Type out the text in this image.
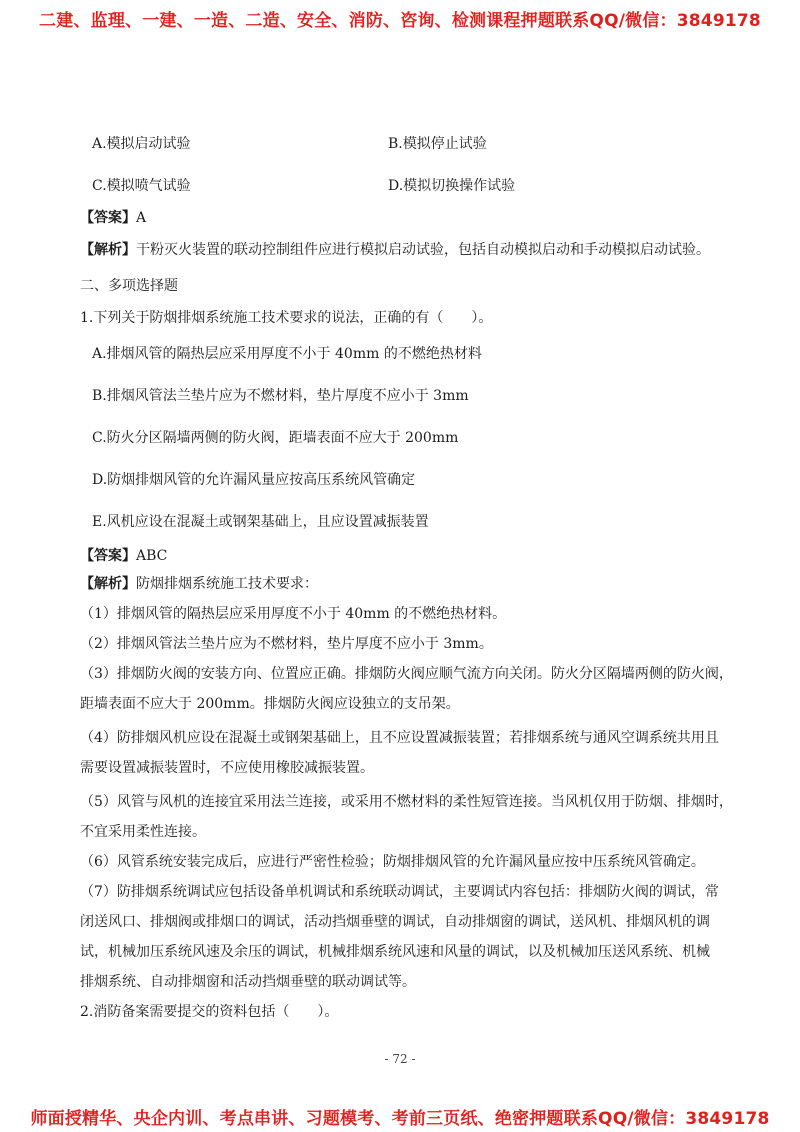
二建、监理、一建、一造、二造、安全、消防、咨询、检测课程押题联系QQ/微信：3849178
A.模拟启动试验	B.模拟停止试验
C.模拟喷气试验	D.模拟切换操作试验
【答案】A
【解析】干粉灭火装置的联动控制组件应进行模拟启动试验，包括自动模拟启动和手动模拟启动试验。
二、多项选择题
1.下列关于防烟排烟系统施工技术要求的说法，正确的有（　　）。
A.排烟风管的隔热层应采用厚度不小于 40mm 的不燃绝热材料
B.排烟风管法兰垫片应为不燃材料，垫片厚度不应小于 3mm
C.防火分区隔墙两侧的防火阀，距墙表面不应大于 200mm
D.防烟排烟风管的允许漏风量应按高压系统风管确定
E.风机应设在混凝土或钢架基础上，且应设置减振装置
【答案】ABC
【解析】防烟排烟系统施工技术要求：
（1）排烟风管的隔热层应采用厚度不小于 40mm 的不燃绝热材料。
（2）排烟风管法兰垫片应为不燃材料，垫片厚度不应小于 3mm。
（3）排烟防火阀的安装方向、位置应正确。排烟防火阀应顺气流方向关闭。防火分区隔墙两侧的防火阀，
距墙表面不应大于 200mm。排烟防火阀应设独立的支吊架。
（4）防排烟风机应设在混凝土或钢架基础上，且不应设置减振装置；若排烟系统与通风空调系统共用且
需要设置减振装置时，不应使用橡胶减振装置。
（5）风管与风机的连接宜采用法兰连接，或采用不燃材料的柔性短管连接。当风机仅用于防烟、排烟时，
不宜采用柔性连接。
（6）风管系统安装完成后，应进行严密性检验；防烟排烟风管的允许漏风量应按中压系统风管确定。
（7）防排烟系统调试应包括设备单机调试和系统联动调试，主要调试内容包括：排烟防火阀的调试，常
闭送风口、排烟阀或排烟口的调试，活动挡烟垂壁的调试，自动排烟窗的调试，送风机、排烟风机的调
试，机械加压系统风速及余压的调试，机械排烟系统风速和风量的调试，以及机械加压送风系统、机械
排烟系统、自动排烟窗和活动挡烟垂壁的联动调试等。
2.消防备案需要提交的资料包括（　　）。
- 72 -
师面授精华、央企内训、考点串讲、习题模考、考前三页纸、绝密押题联系QQ/微信：3849178
